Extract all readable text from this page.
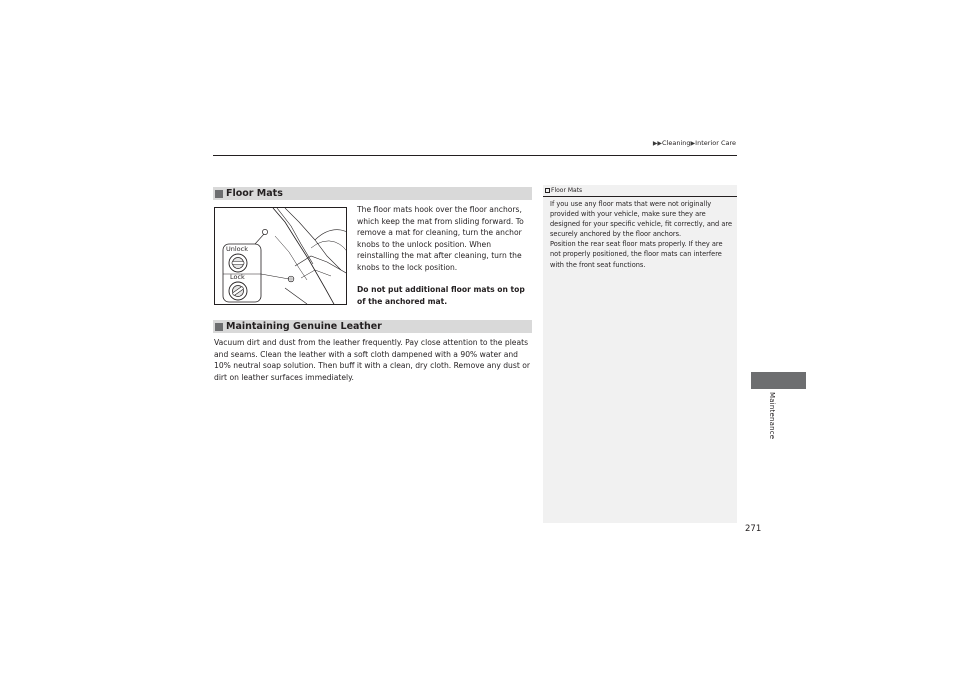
▶▶Cleaning▶Interior Care
Floor Mats
Unlock
Lock

The floor mats hook over the floor anchors, which keep the mat from sliding forward. To remove a mat for cleaning, turn the anchor knobs to the unlock position. When reinstalling the mat after cleaning, turn the knobs to the lock position.

Do not put additional floor mats on top of the anchored mat.

Maintaining Genuine Leather

Vacuum dirt and dust from the leather frequently. Pay close attention to the pleats and seams. Clean the leather with a soft cloth dampened with a 90% water and 10% neutral soap solution. Then buff it with a clean, dry cloth. Remove any dust or dirt on leather surfaces immediately.

Floor Mats

If you use any floor mats that were not originally provided with your vehicle, make sure they are designed for your specific vehicle, fit correctly, and are securely anchored by the floor anchors.
Position the rear seat floor mats properly. If they are not properly positioned, the floor mats can interfere with the front seat functions.

Maintenance
271
